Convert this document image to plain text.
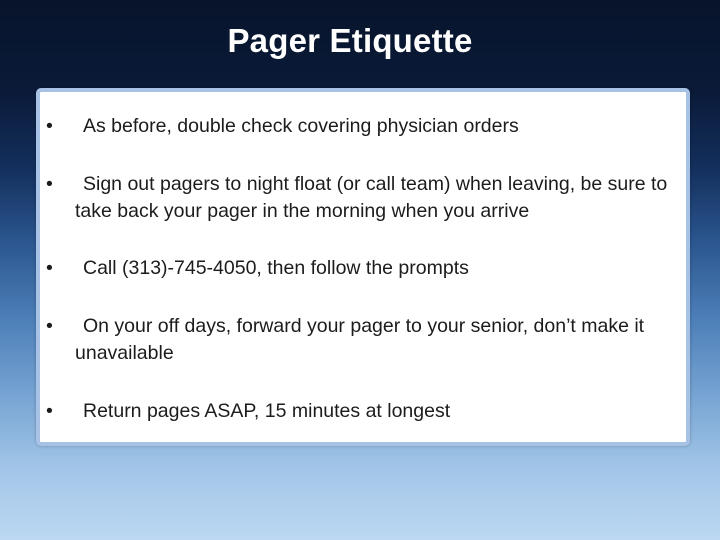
Pager Etiquette
•	As before, double check covering physician orders
•	Sign out pagers to night float (or call team) when leaving, be sure to take back your pager in the morning when you arrive
•	Call (313)-745-4050, then follow the prompts
•	On your off days, forward your pager to your senior, don’t make it unavailable
•	Return pages ASAP, 15 minutes at longest
